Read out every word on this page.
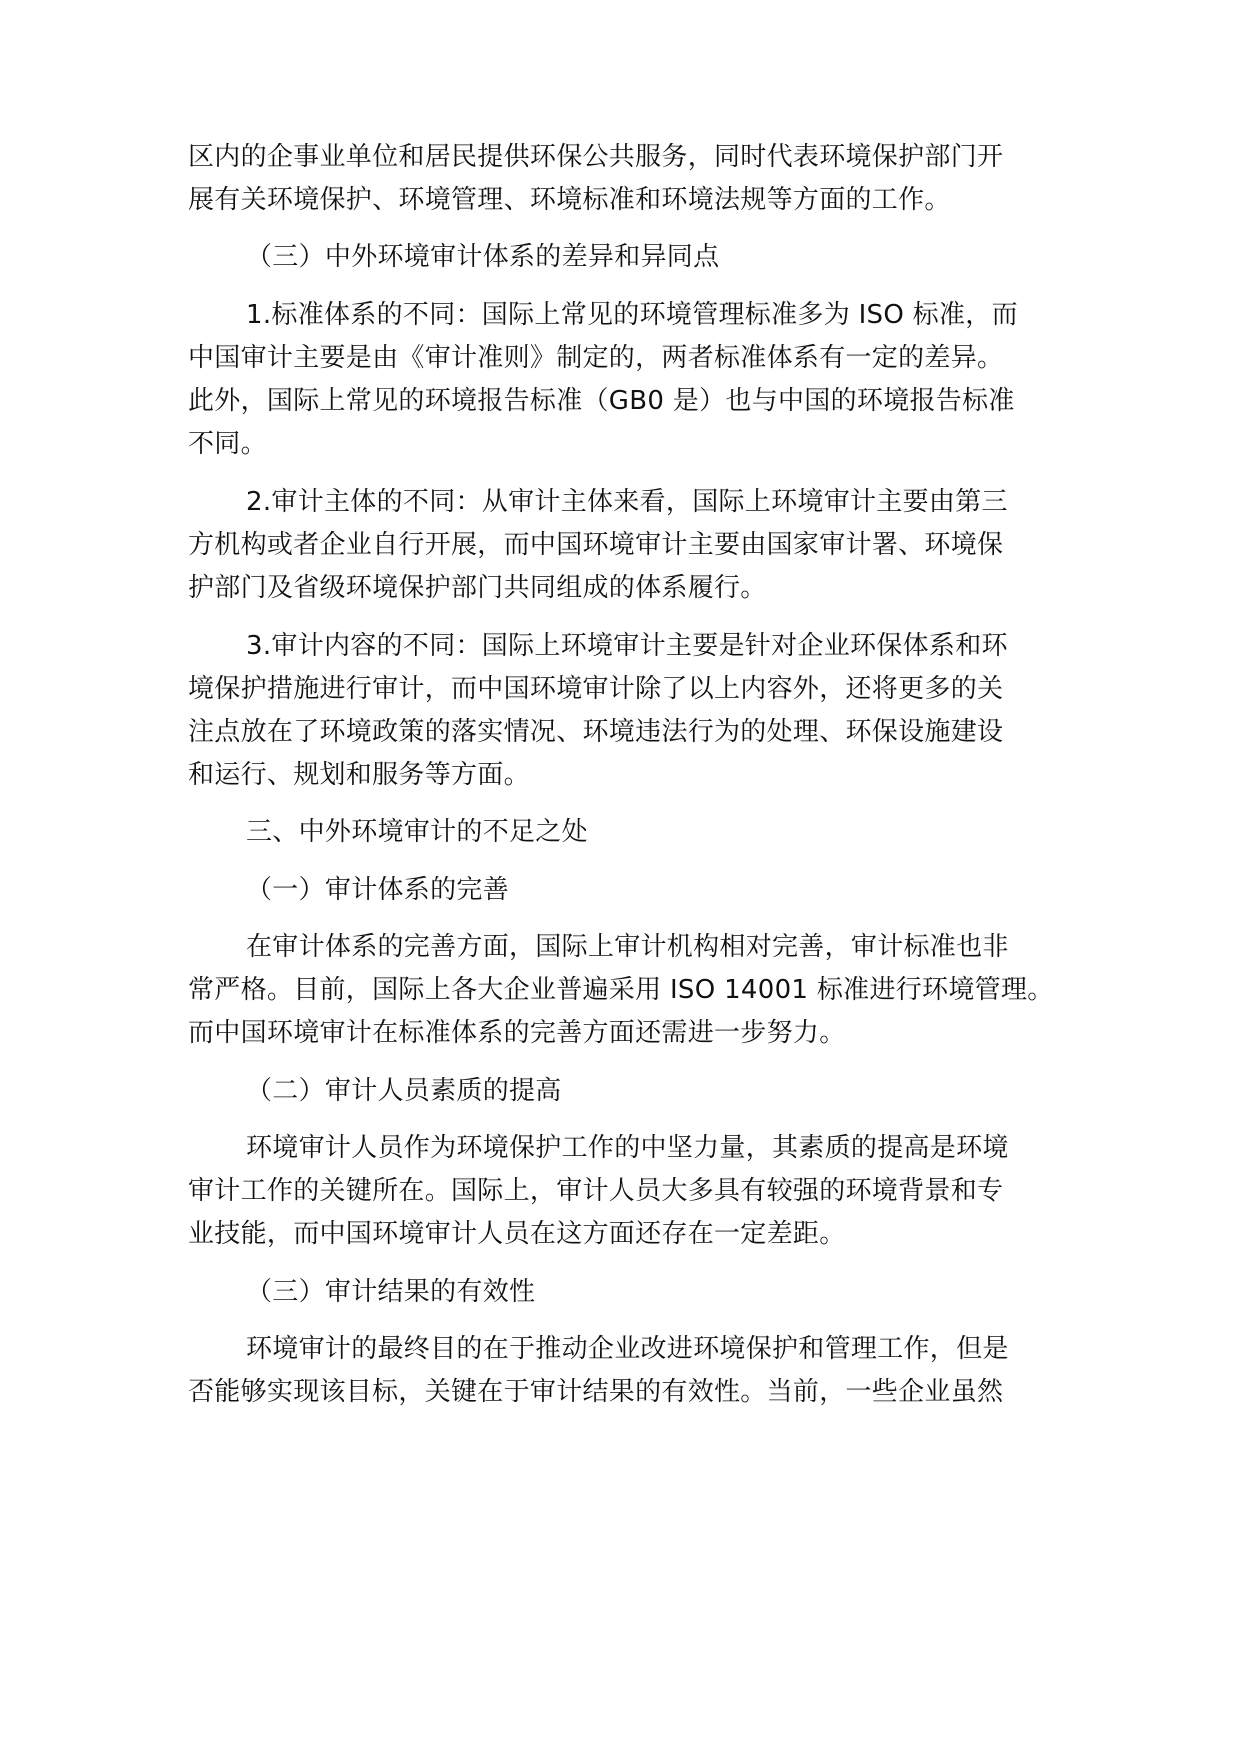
区内的企事业单位和居民提供环保公共服务，同时代表环境保护部门开
展有关环境保护、环境管理、环境标准和环境法规等方面的工作。
（三）中外环境审计体系的差异和异同点
1.标准体系的不同：国际上常见的环境管理标准多为 ISO 标准，而
中国审计主要是由《审计准则》制定的，两者标准体系有一定的差异。
此外，国际上常见的环境报告标准（GB0 是）也与中国的环境报告标准
不同。
2.审计主体的不同：从审计主体来看，国际上环境审计主要由第三
方机构或者企业自行开展，而中国环境审计主要由国家审计署、环境保
护部门及省级环境保护部门共同组成的体系履行。
3.审计内容的不同：国际上环境审计主要是针对企业环保体系和环
境保护措施进行审计，而中国环境审计除了以上内容外，还将更多的关
注点放在了环境政策的落实情况、环境违法行为的处理、环保设施建设
和运行、规划和服务等方面。
三、中外环境审计的不足之处
（一）审计体系的完善
在审计体系的完善方面，国际上审计机构相对完善，审计标准也非
常严格。目前，国际上各大企业普遍采用 ISO 14001 标准进行环境管理。
而中国环境审计在标准体系的完善方面还需进一步努力。
（二）审计人员素质的提高
环境审计人员作为环境保护工作的中坚力量，其素质的提高是环境
审计工作的关键所在。国际上，审计人员大多具有较强的环境背景和专
业技能，而中国环境审计人员在这方面还存在一定差距。
（三）审计结果的有效性
环境审计的最终目的在于推动企业改进环境保护和管理工作，但是
否能够实现该目标，关键在于审计结果的有效性。当前，一些企业虽然
